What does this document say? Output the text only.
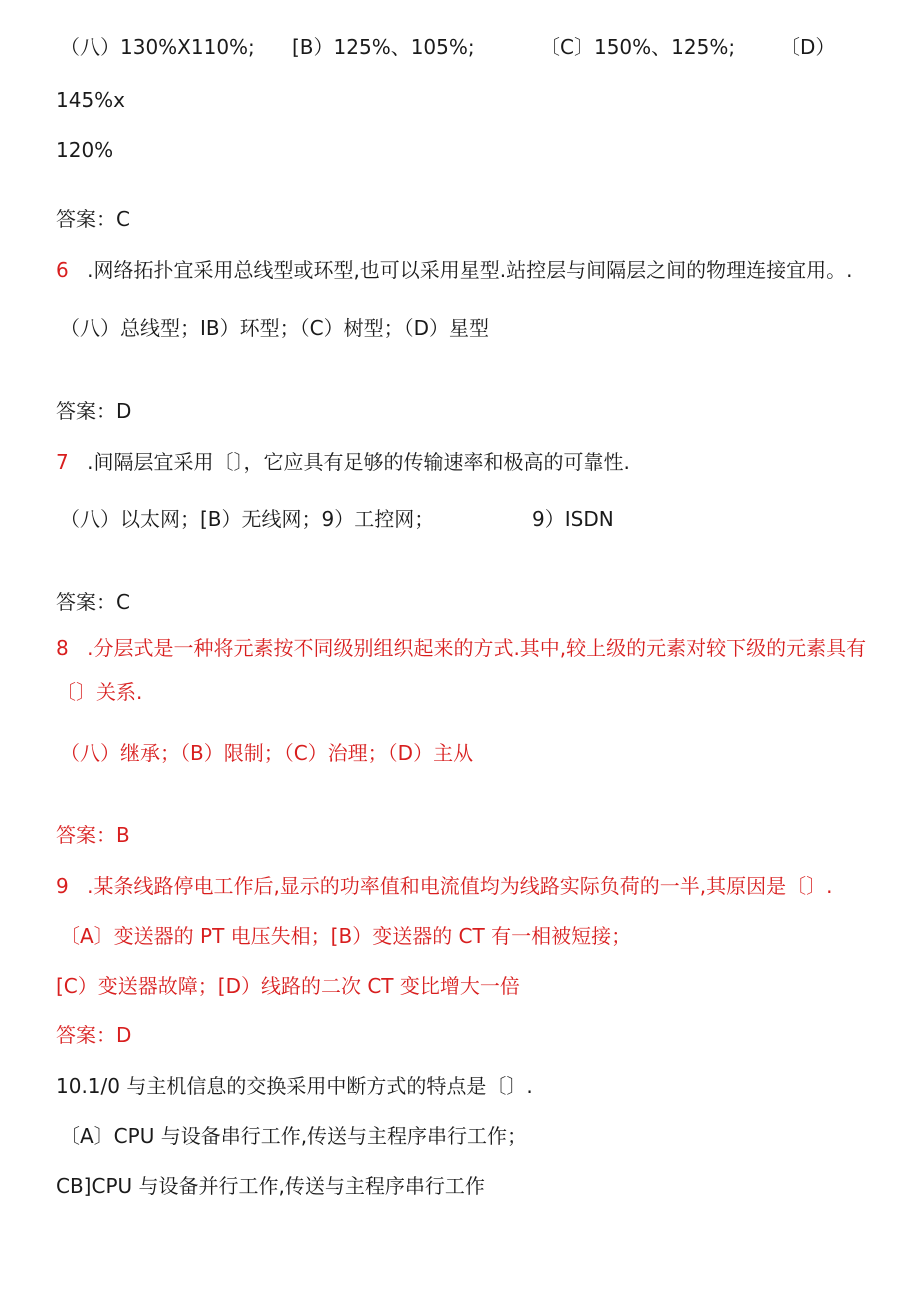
（八）130%X110%; [B）125%、105%;	〔C〕150%、125%; 〔D）
145%x
120%
答案：C
6 .网络拓扑宜采用总线型或环型,也可以采用星型.站控层与间隔层之间的物理连接宜用。.
（八）总线型；IB）环型；（C）树型；（D）星型
答案：D
7 .间隔层宜采用〔〕，它应具有足够的传输速率和极高的可靠性.
（八）以太网；[B）无线网；9）工控网；	9）ISDN
答案：C
8 .分层式是一种将元素按不同级别组织起来的方式.其中,较上级的元素对较下级的元素具有
〔〕关系.
（八）继承；（B）限制；（C）治理；（D）主从
答案：B
9 .某条线路停电工作后,显示的功率值和电流值均为线路实际负荷的一半,其原因是〔〕.
〔A〕变送器的 PT 电压失相；[B）变送器的 CT 有一相被短接；
[C）变送器故障；[D）线路的二次 CT 变比增大一倍
答案：D
10.1/0 与主机信息的交换采用中断方式的特点是〔〕.
〔A〕CPU 与设备串行工作,传送与主程序串行工作；
CB]CPU 与设备并行工作,传送与主程序串行工作
